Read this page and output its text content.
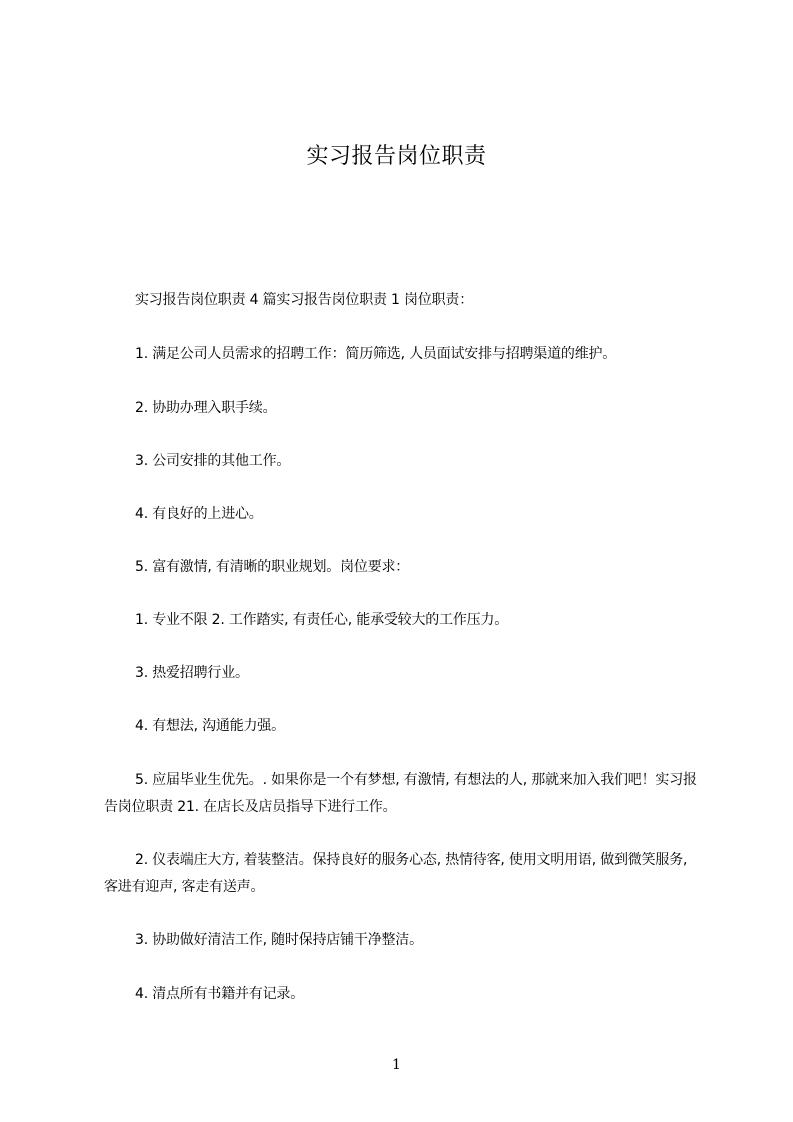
实习报告岗位职责

实习报告岗位职责 4 篇实习报告岗位职责 1 岗位职责：

1. 满足公司人员需求的招聘工作：简历筛选, 人员面试安排与招聘渠道的维护。

2. 协助办理入职手续。

3. 公司安排的其他工作。

4. 有良好的上进心。

5. 富有激情, 有清晰的职业规划。岗位要求：

1. 专业不限 2. 工作踏实, 有责任心, 能承受较大的工作压力。

3. 热爱招聘行业。

4. 有想法, 沟通能力强。

5. 应届毕业生优先。. 如果你是一个有梦想, 有激情, 有想法的人, 那就来加入我们吧！实习报告岗位职责 21. 在店长及店员指导下进行工作。

2. 仪表端庄大方, 着装整洁。保持良好的服务心态, 热情待客, 使用文明用语, 做到微笑服务, 客进有迎声, 客走有送声。

3. 协助做好清洁工作, 随时保持店铺干净整洁。

4. 清点所有书籍并有记录。

1
